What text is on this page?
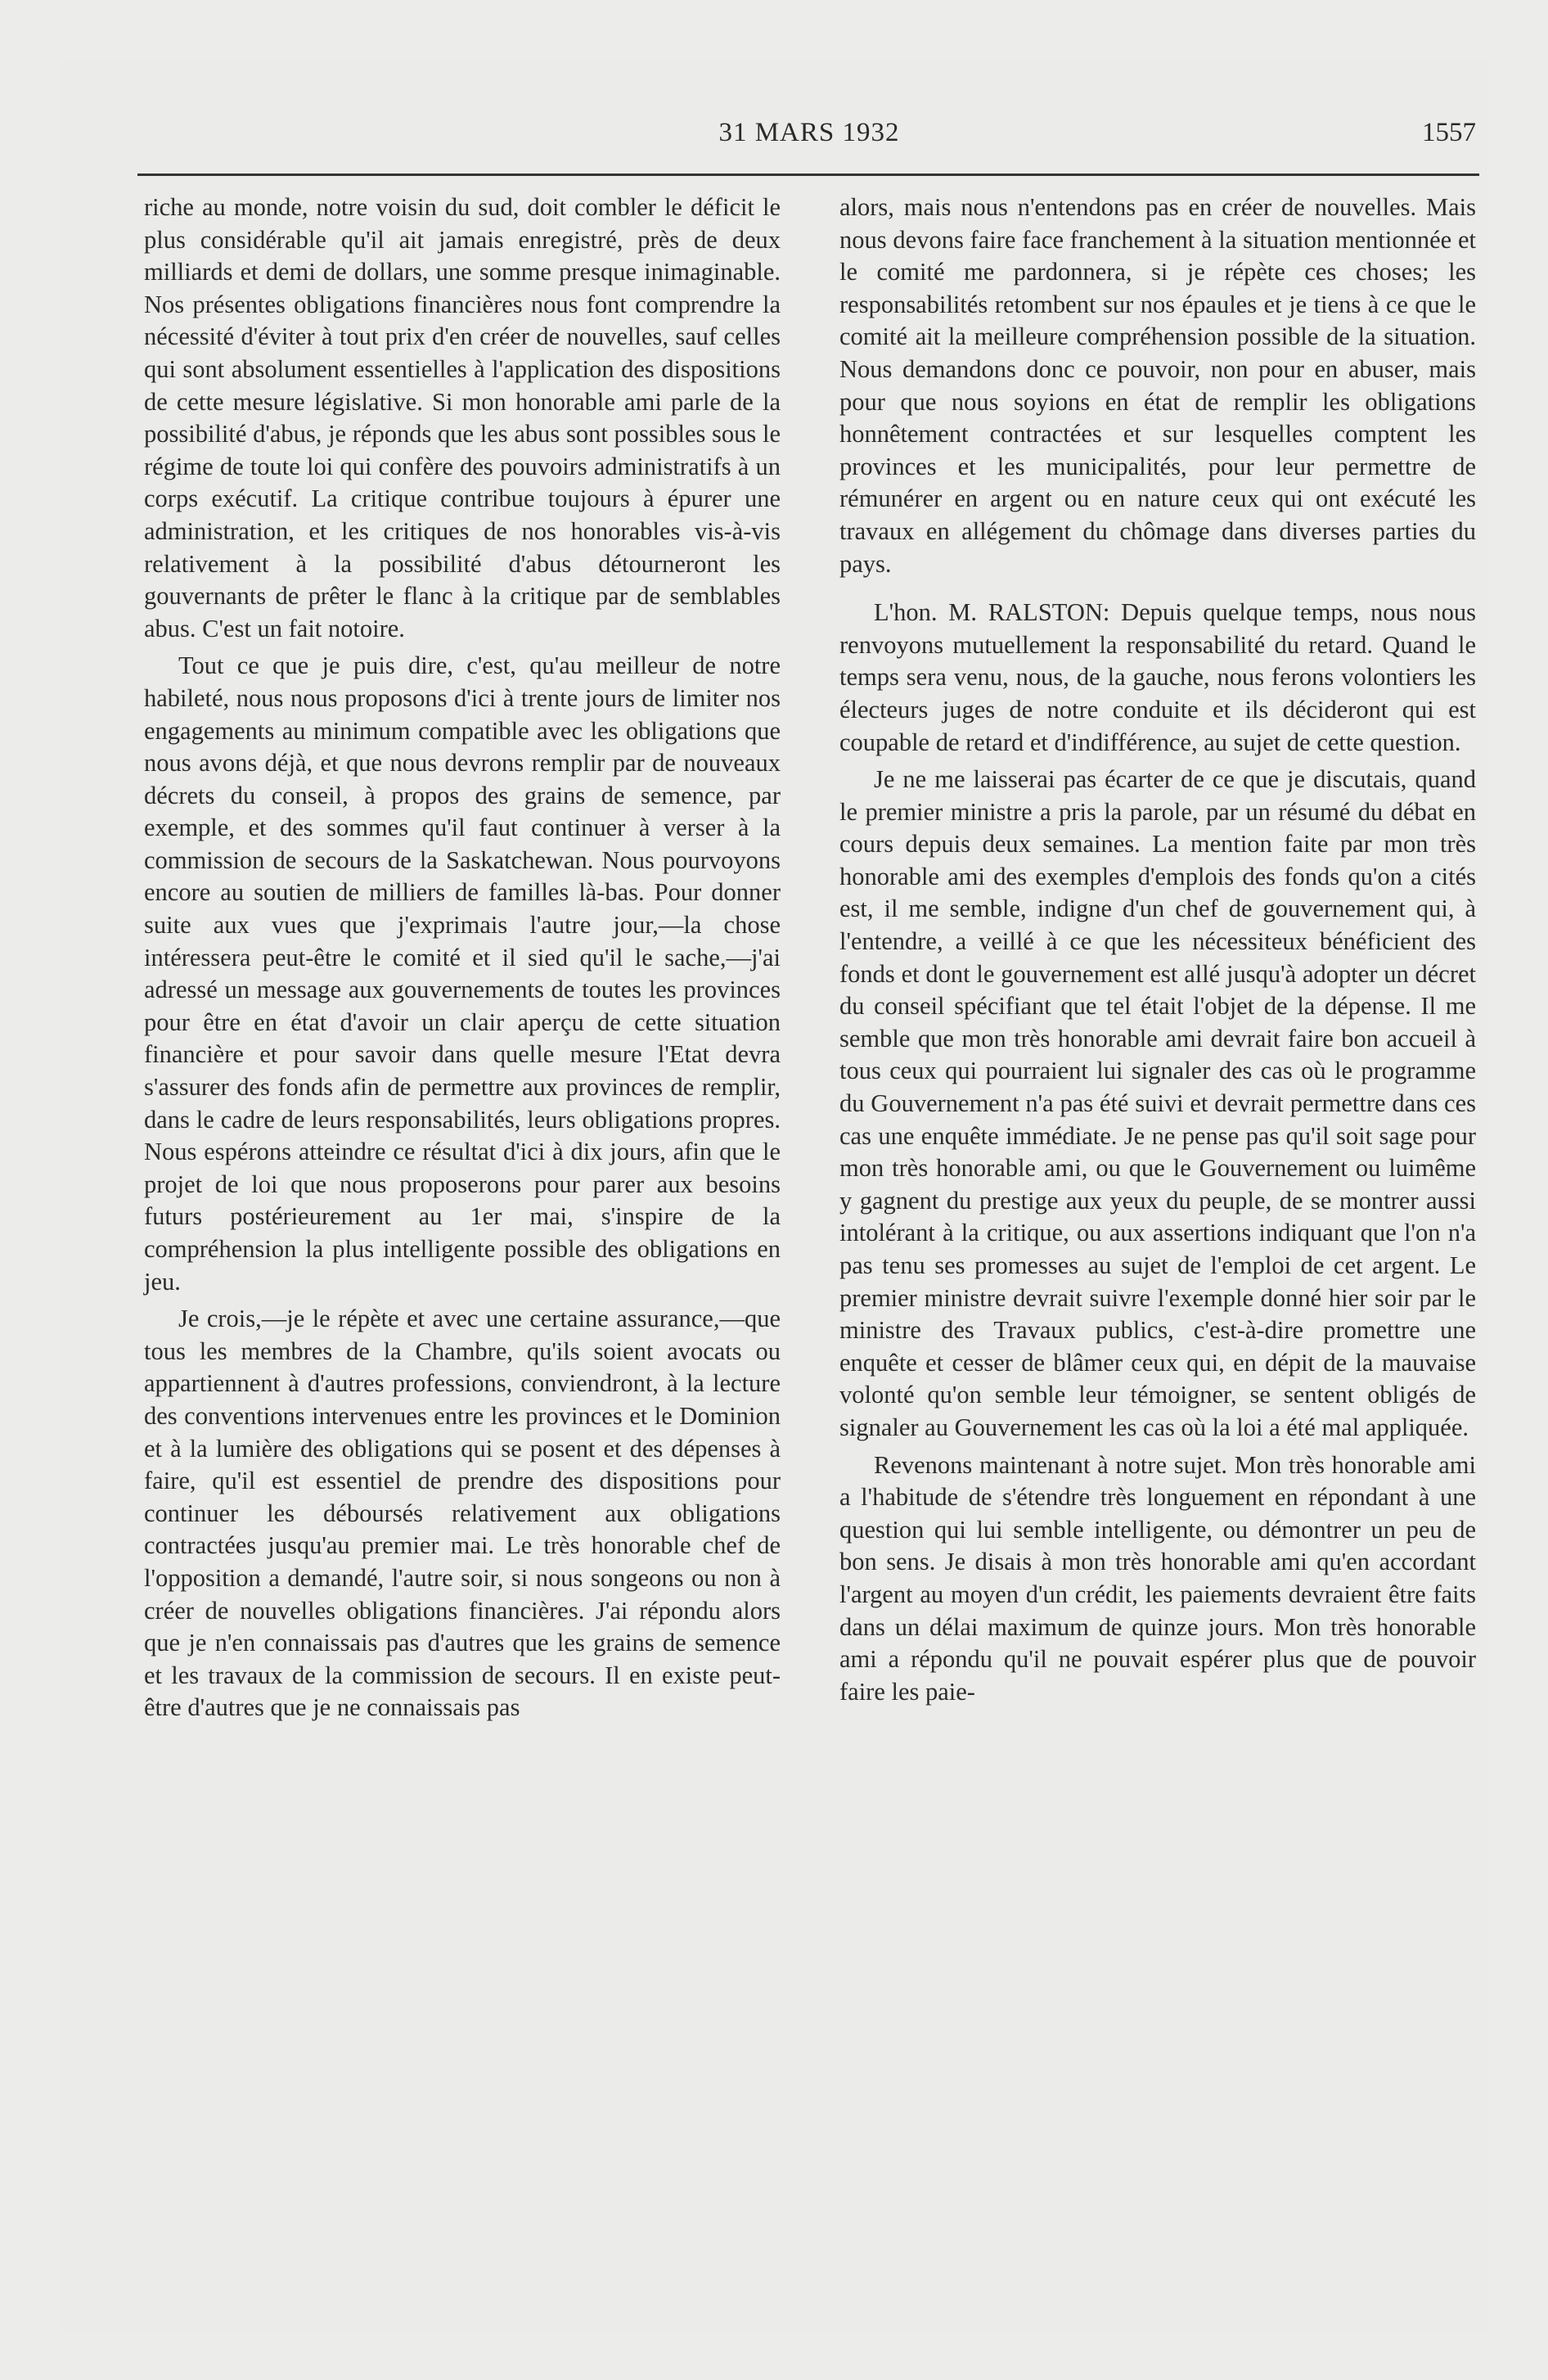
31 MARS 1932	1557

riche au monde, notre voisin du sud, doit combler le déficit le plus considérable qu'il ait jamais enregistré, près de deux milliards et demi de dollars, une somme presque inimaginable. Nos présentes obligations financières nous font comprendre la nécessité d'éviter à tout prix d'en créer de nouvelles, sauf celles qui sont absolument essentielles à l'application des dispositions de cette mesure législative. Si mon honorable ami parle de la possibilité d'abus, je réponds que les abus sont possibles sous le régime de toute loi qui confère des pouvoirs administratifs à un corps exécutif. La critique contribue toujours à épurer une administration, et les critiques de nos honorables vis-à-vis relativement à la possibilité d'abus détourneront les gouvernants de prêter le flanc à la critique par de semblables abus. C'est un fait notoire.

Tout ce que je puis dire, c'est, qu'au meilleur de notre habileté, nous nous proposons d'ici à trente jours de limiter nos engagements au minimum compatible avec les obligations que nous avons déjà, et que nous devrons remplir par de nouveaux décrets du conseil, à propos des grains de semence, par exemple, et des sommes qu'il faut continuer à verser à la commission de secours de la Saskatchewan. Nous pourvoyons encore au soutien de milliers de familles là-bas. Pour donner suite aux vues que j'exprimais l'autre jour,—la chose intéressera peut-être le comité et il sied qu'il le sache,—j'ai adressé un message aux gouvernements de toutes les provinces pour être en état d'avoir un clair aperçu de cette situation financière et pour savoir dans quelle mesure l'Etat devra s'assurer des fonds afin de permettre aux provinces de remplir, dans le cadre de leurs responsabilités, leurs obligations propres. Nous espérons atteindre ce résultat d'ici à dix jours, afin que le projet de loi que nous proposerons pour parer aux besoins futurs postérieurement au 1er mai, s'inspire de la compréhension la plus intelligente possible des obligations en jeu.

Je crois,—je le répète et avec une certaine assurance,—que tous les membres de la Chambre, qu'ils soient avocats ou appartiennent à d'autres professions, conviendront, à la lecture des conventions intervenues entre les provinces et le Dominion et à la lumière des obligations qui se posent et des dépenses à faire, qu'il est essentiel de prendre des dispositions pour continuer les déboursés relativement aux obligations contractées jusqu'au premier mai. Le très honorable chef de l'opposition a demandé, l'autre soir, si nous songeons ou non à créer de nouvelles obligations financières. J'ai répondu alors que je n'en connaissais pas d'autres que les grains de semence et les travaux de la commission de secours. Il en existe peut-être d'autres que je ne connaissais pas

alors, mais nous n'entendons pas en créer de nouvelles. Mais nous devons faire face franchement à la situation mentionnée et le comité me pardonnera, si je répète ces choses; les responsabilités retombent sur nos épaules et je tiens à ce que le comité ait la meilleure compréhension possible de la situation. Nous demandons donc ce pouvoir, non pour en abuser, mais pour que nous soyions en état de remplir les obligations honnêtement contractées et sur lesquelles comptent les provinces et les municipalités, pour leur permettre de rémunérer en argent ou en nature ceux qui ont exécuté les travaux en allégement du chômage dans diverses parties du pays.

L'hon. M. RALSTON: Depuis quelque temps, nous nous renvoyons mutuellement la responsabilité du retard. Quand le temps sera venu, nous, de la gauche, nous ferons volontiers les électeurs juges de notre conduite et ils décideront qui est coupable de retard et d'indifférence, au sujet de cette question.

Je ne me laisserai pas écarter de ce que je discutais, quand le premier ministre a pris la parole, par un résumé du débat en cours depuis deux semaines. La mention faite par mon très honorable ami des exemples d'emplois des fonds qu'on a cités est, il me semble, indigne d'un chef de gouvernement qui, à l'entendre, a veillé à ce que les nécessiteux bénéficient des fonds et dont le gouvernement est allé jusqu'à adopter un décret du conseil spécifiant que tel était l'objet de la dépense. Il me semble que mon très honorable ami devrait faire bon accueil à tous ceux qui pourraient lui signaler des cas où le programme du Gouvernement n'a pas été suivi et devrait permettre dans ces cas une enquête immédiate. Je ne pense pas qu'il soit sage pour mon très honorable ami, ou que le Gouvernement ou luimême y gagnent du prestige aux yeux du peuple, de se montrer aussi intolérant à la critique, ou aux assertions indiquant que l'on n'a pas tenu ses promesses au sujet de l'emploi de cet argent. Le premier ministre devrait suivre l'exemple donné hier soir par le ministre des Travaux publics, c'est-à-dire promettre une enquête et cesser de blâmer ceux qui, en dépit de la mauvaise volonté qu'on semble leur témoigner, se sentent obligés de signaler au Gouvernement les cas où la loi a été mal appliquée.

Revenons maintenant à notre sujet. Mon très honorable ami a l'habitude de s'étendre très longuement en répondant à une question qui lui semble intelligente, ou démontrer un peu de bon sens. Je disais à mon très honorable ami qu'en accordant l'argent au moyen d'un crédit, les paiements devraient être faits dans un délai maximum de quinze jours. Mon très honorable ami a répondu qu'il ne pouvait espérer plus que de pouvoir faire les paie-
